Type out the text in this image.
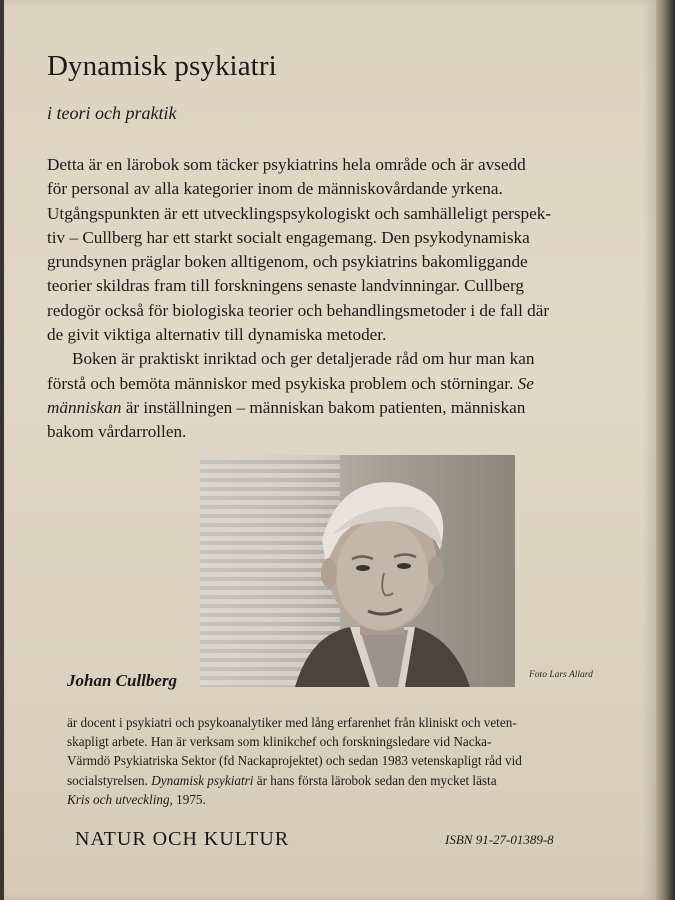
Dynamisk psykiatri

i teori och praktik

Detta är en lärobok som täcker psykiatrins hela område och är avsedd
för personal av alla kategorier inom de människovårdande yrkena.
Utgångspunkten är ett utvecklingspsykologiskt och samhälleligt perspek-
tiv – Cullberg har ett starkt socialt engagemang. Den psykodynamiska
grundsynen präglar boken alltigenom, och psykiatrins bakomliggande
teorier skildras fram till forskningens senaste landvinningar. Cullberg
redogör också för biologiska teorier och behandlingsmetoder i de fall där
de givit viktiga alternativ till dynamiska metoder.
Boken är praktiskt inriktad och ger detaljerade råd om hur man kan
förstå och bemöta människor med psykiska problem och störningar. Se
människan är inställningen – människan bakom patienten, människan
bakom vårdarrollen.

Johan Cullberg	Foto Lars Allard
är docent i psykiatri och psykoanalytiker med lång erfarenhet från kliniskt och veten-
skapligt arbete. Han är verksam som klinikchef och forskningsledare vid Nacka-
Värmdö Psykiatriska Sektor (fd Nackaprojektet) och sedan 1983 vetenskapligt råd vid
socialstyrelsen. Dynamisk psykiatri är hans första lärobok sedan den mycket lästa
Kris och utveckling, 1975.
NATUR OCH KULTUR	ISBN 91-27-01389-8
